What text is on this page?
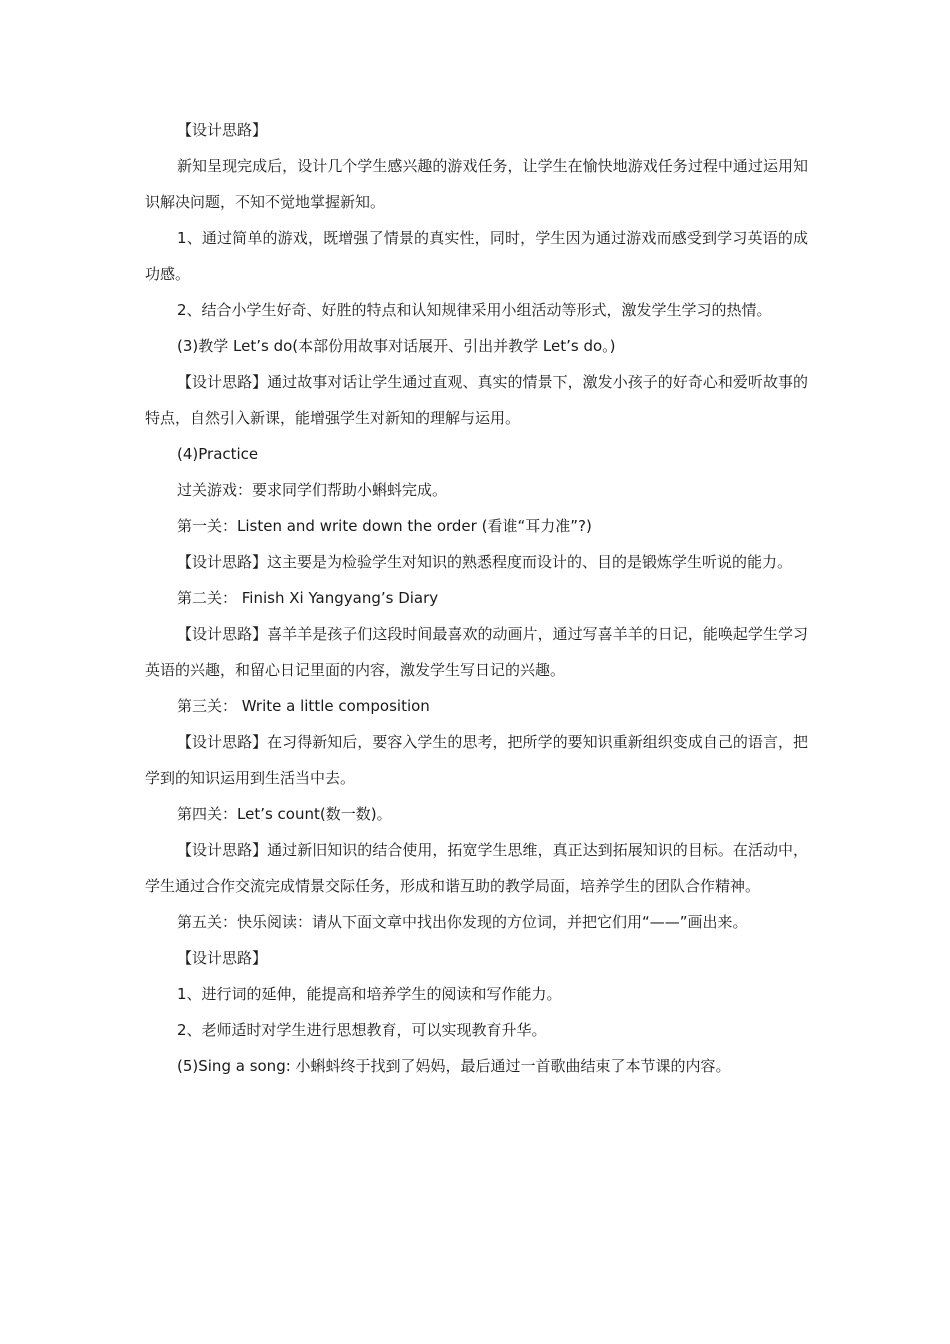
【设计思路】

新知呈现完成后，设计几个学生感兴趣的游戏任务，让学生在愉快地游戏任务过程中通过运用知识解决问题，不知不觉地掌握新知。

1、通过简单的游戏，既增强了情景的真实性，同时，学生因为通过游戏而感受到学习英语的成功感。

2、结合小学生好奇、好胜的特点和认知规律采用小组活动等形式，激发学生学习的热情。

(3)教学 Let’s do(本部份用故事对话展开、引出并教学 Let’s do。)

【设计思路】通过故事对话让学生通过直观、真实的情景下，激发小孩子的好奇心和爱听故事的特点，自然引入新课，能增强学生对新知的理解与运用。

(4)Practice

过关游戏：要求同学们帮助小蝌蚪完成。

第一关：Listen and write down the order (看谁“耳力准”?)

【设计思路】这主要是为检验学生对知识的熟悉程度而设计的、目的是锻炼学生听说的能力。

第二关： Finish Xi Yangyang’s Diary

【设计思路】喜羊羊是孩子们这段时间最喜欢的动画片，通过写喜羊羊的日记，能唤起学生学习英语的兴趣，和留心日记里面的内容，激发学生写日记的兴趣。

第三关： Write a little composition

【设计思路】在习得新知后，要容入学生的思考，把所学的要知识重新组织变成自己的语言，把学到的知识运用到生活当中去。

第四关：Let’s count(数一数)。

【设计思路】通过新旧知识的结合使用，拓宽学生思维，真正达到拓展知识的目标。在活动中，学生通过合作交流完成情景交际任务，形成和谐互助的教学局面，培养学生的团队合作精神。

第五关：快乐阅读：请从下面文章中找出你发现的方位词，并把它们用“——”画出来。

【设计思路】

1、进行词的延伸，能提高和培养学生的阅读和写作能力。

2、老师适时对学生进行思想教育，可以实现教育升华。

(5)Sing a song: 小蝌蚪终于找到了妈妈，最后通过一首歌曲结束了本节课的内容。
